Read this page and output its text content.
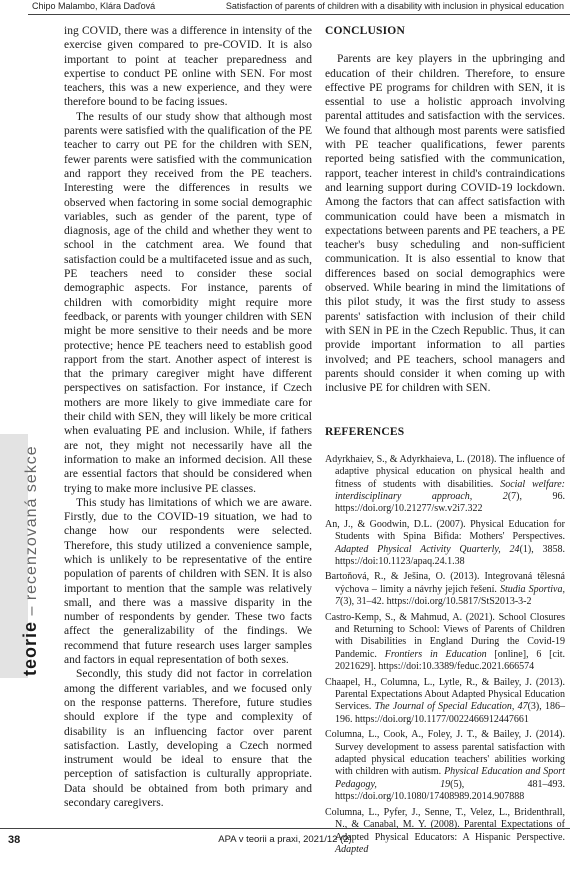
Chipo Malambo, Klára Daďová	Satisfaction of parents of children with a disability with inclusion in physical education
teorie – recenzovaná sekce

ing COVID, there was a difference in intensity of the exercise given compared to pre-COVID. It is also important to point at teacher preparedness and expertise to conduct PE online with SEN. For most teachers, this was a new experience, and they were therefore bound to be facing issues.

The results of our study show that although most parents were satisfied with the qualification of the PE teacher to carry out PE for the children with SEN, fewer parents were satisfied with the communication and rapport they received from the PE teachers. Interesting were the differences in results we observed when factoring in some social demographic variables, such as gender of the parent, type of diagnosis, age of the child and whether they went to school in the catchment area. We found that satisfaction could be a multifaceted issue and as such, PE teachers need to consider these social demographic aspects. For instance, parents of children with comorbidity might require more feedback, or parents with younger children with SEN might be more sensitive to their needs and be more protective; hence PE teachers need to establish good rapport from the start. Another aspect of interest is that the primary caregiver might have different perspectives on satisfaction. For instance, if Czech mothers are more likely to give immediate care for their child with SEN, they will likely be more critical when evaluating PE and inclusion. While, if fathers are not, they might not necessarily have all the information to make an informed decision. All these are essential factors that should be considered when trying to make more inclusive PE classes.

This study has limitations of which we are aware. Firstly, due to the COVID-19 situation, we had to change how our respondents were selected. Therefore, this study utilized a convenience sample, which is unlikely to be representative of the entire population of parents of children with SEN. It is also important to mention that the sample was relatively small, and there was a massive disparity in the number of respondents by gender. These two facts affect the generalizability of the findings. We recommend that future research uses larger samples and factors in equal representation of both sexes.

Secondly, this study did not factor in correlation among the different variables, and we focused only on the response patterns. Therefore, future studies should explore if the type and complexity of disability is an influencing factor over parent satisfaction. Lastly, developing a Czech normed instrument would be ideal to ensure that the perception of satisfaction is culturally appropriate. Data should be obtained from both primary and secondary caregivers.

CONCLUSION

Parents are key players in the upbringing and education of their children. Therefore, to ensure effective PE programs for children with SEN, it is essential to use a holistic approach involving parental attitudes and satisfaction with the services. We found that although most parents were satisfied with PE teacher qualifications, fewer parents reported being satisfied with the communication, rapport, teacher interest in child's contraindications and learning support during COVID-19 lockdown. Among the factors that can affect satisfaction with communication could have been a mismatch in expectations between parents and PE teachers, a PE teacher's busy scheduling and non-sufficient communication. It is also essential to know that differences based on social demographics were observed. While bearing in mind the limitations of this pilot study, it was the first study to assess parents' satisfaction with inclusion of their child with SEN in PE in the Czech Republic. Thus, it can provide important information to all parties involved; and PE teachers, school managers and parents should consider it when coming up with inclusive PE for children with SEN.

REFERENCES
Adyrkhaiev, S., & Adyrkhaieva, L. (2018). The influence of adaptive physical education on physical health and fitness of students with disabilities. Social welfare: interdisciplinary approach, 2(7), 96. https://doi.org/10.21277/sw.v2i7.322
An, J., & Goodwin, D.L. (2007). Physical Education for Students with Spina Bifida: Mothers' Perspectives. Adapted Physical Activity Quarterly, 24(1), 3858. https://doi:10.1123/apaq.24.1.38
Bartoňová, R., & Ješina, O. (2013). Integrovaná tělesná výchova – limity a návrhy jejich řešení. Studia Sportiva, 7(3), 31–42. https://doi.org/10.5817/StS2013-3-2
Castro-Kemp, S., & Mahmud, A. (2021). School Closures and Returning to School: Views of Parents of Children with Disabilities in England During the Covid-19 Pandemic. Frontiers in Education [online], 6 [cit. 2021629]. https://doi:10.3389/feduc.2021.666574
Chaapel, H., Columna, L., Lytle, R., & Bailey, J. (2013). Parental Expectations About Adapted Physical Education Services. The Journal of Special Education, 47(3), 186–196. https://doi.org/10.1177/0022466912447661
Columna, L., Cook, A., Foley, J. T., & Bailey, J. (2014). Survey development to assess parental satisfaction with adapted physical education teachers' abilities working with children with autism. Physical Education and Sport Pedagogy, 19(5), 481–493. https://doi.org/10.1080/17408989.2014.907888
Columna, L., Pyfer, J., Senne, T., Velez, L., Bridenthrall, N., & Canabal, M. Y. (2008). Parental Expectations of Adapted Physical Educators: A Hispanic Perspective. Adapted
38	APA v teorii a praxi, 2021/12 (2)
